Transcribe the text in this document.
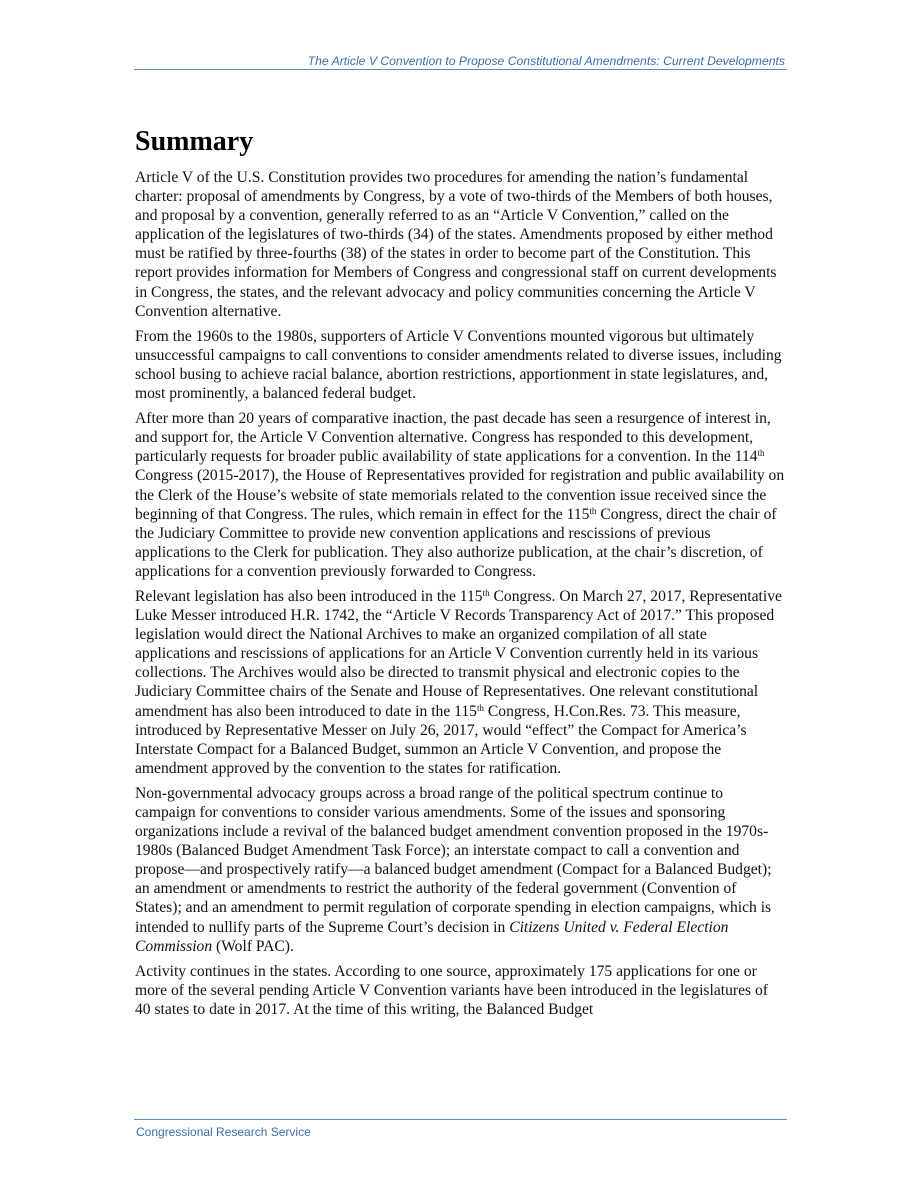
The Article V Convention to Propose Constitutional Amendments: Current Developments
Summary

Article V of the U.S. Constitution provides two procedures for amending the nation’s fundamental charter: proposal of amendments by Congress, by a vote of two-thirds of the Members of both houses, and proposal by a convention, generally referred to as an “Article V Convention,” called on the application of the legislatures of two-thirds (34) of the states. Amendments proposed by either method must be ratified by three-fourths (38) of the states in order to become part of the Constitution. This report provides information for Members of Congress and congressional staff on current developments in Congress, the states, and the relevant advocacy and policy communities concerning the Article V Convention alternative.

From the 1960s to the 1980s, supporters of Article V Conventions mounted vigorous but ultimately unsuccessful campaigns to call conventions to consider amendments related to diverse issues, including school busing to achieve racial balance, abortion restrictions, apportionment in state legislatures, and, most prominently, a balanced federal budget.

After more than 20 years of comparative inaction, the past decade has seen a resurgence of interest in, and support for, the Article V Convention alternative. Congress has responded to this development, particularly requests for broader public availability of state applications for a convention. In the 114th Congress (2015-2017), the House of Representatives provided for registration and public availability on the Clerk of the House’s website of state memorials related to the convention issue received since the beginning of that Congress. The rules, which remain in effect for the 115th Congress, direct the chair of the Judiciary Committee to provide new convention applications and rescissions of previous applications to the Clerk for publication. They also authorize publication, at the chair’s discretion, of applications for a convention previously forwarded to Congress.

Relevant legislation has also been introduced in the 115th Congress. On March 27, 2017, Representative Luke Messer introduced H.R. 1742, the “Article V Records Transparency Act of 2017.” This proposed legislation would direct the National Archives to make an organized compilation of all state applications and rescissions of applications for an Article V Convention currently held in its various collections. The Archives would also be directed to transmit physical and electronic copies to the Judiciary Committee chairs of the Senate and House of Representatives. One relevant constitutional amendment has also been introduced to date in the 115th Congress, H.Con.Res. 73. This measure, introduced by Representative Messer on July 26, 2017, would “effect” the Compact for America’s Interstate Compact for a Balanced Budget, summon an Article V Convention, and propose the amendment approved by the convention to the states for ratification.

Non-governmental advocacy groups across a broad range of the political spectrum continue to campaign for conventions to consider various amendments. Some of the issues and sponsoring organizations include a revival of the balanced budget amendment convention proposed in the 1970s-1980s (Balanced Budget Amendment Task Force); an interstate compact to call a convention and propose—and prospectively ratify—a balanced budget amendment (Compact for a Balanced Budget); an amendment or amendments to restrict the authority of the federal government (Convention of States); and an amendment to permit regulation of corporate spending in election campaigns, which is intended to nullify parts of the Supreme Court’s decision in Citizens United v. Federal Election Commission (Wolf PAC).

Activity continues in the states. According to one source, approximately 175 applications for one or more of the several pending Article V Convention variants have been introduced in the legislatures of 40 states to date in 2017. At the time of this writing, the Balanced Budget

Congressional Research Service
